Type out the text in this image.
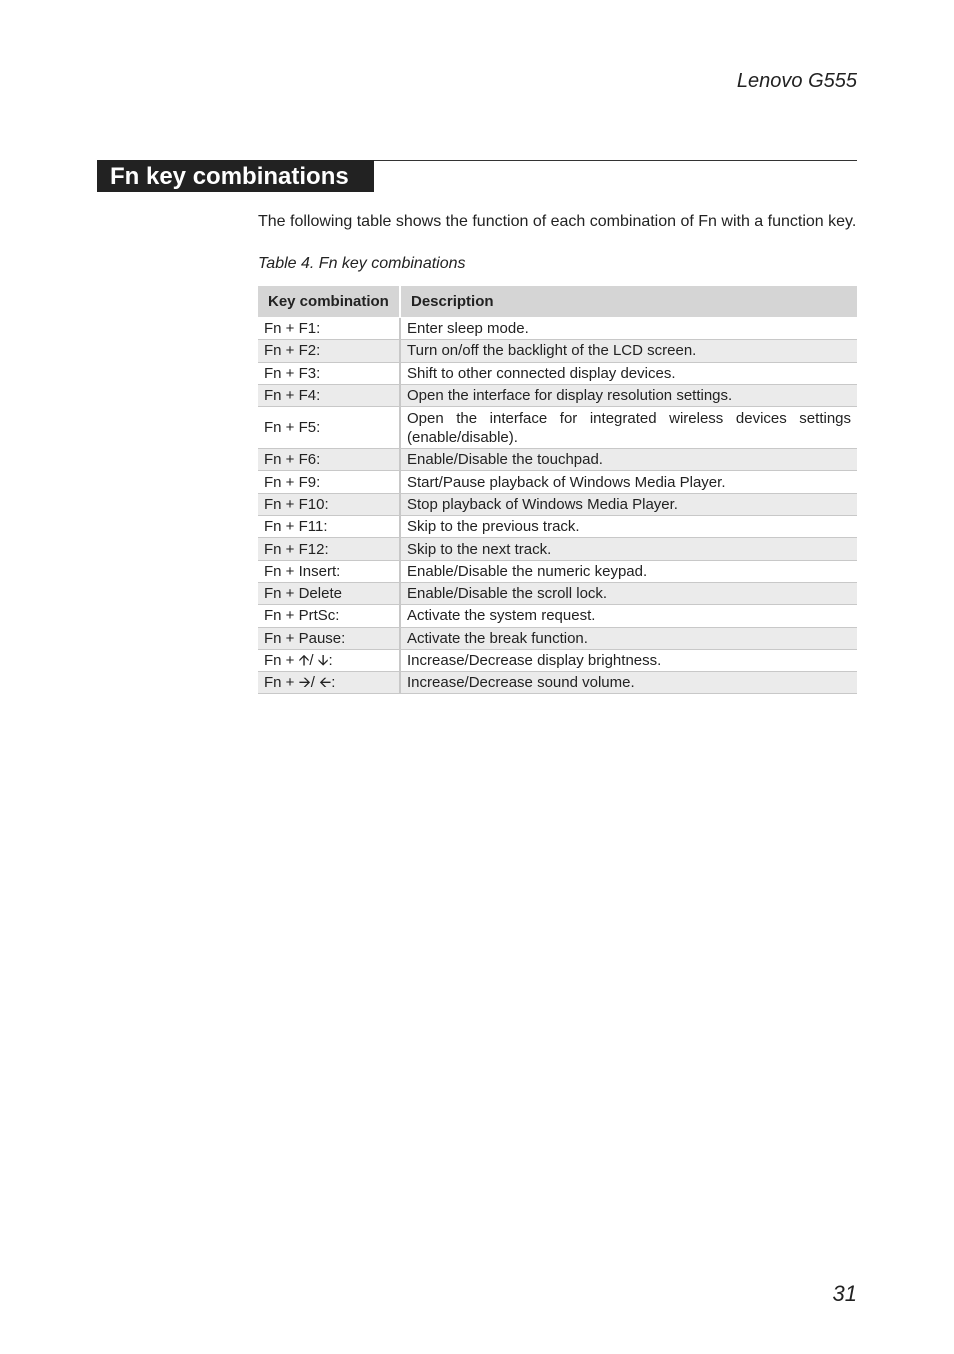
Lenovo G555
Fn key combinations
The following table shows the function of each combination of Fn with a function key.
Table 4. Fn key combinations
Key combination	Description
Fn + F1:	Enter sleep mode.
Fn + F2:	Turn on/off the backlight of the LCD screen.
Fn + F3:	Shift to other connected display devices.
Fn + F4:	Open the interface for display resolution settings.
Fn + F5:	Open the interface for integrated wireless devices settings (enable/disable).
Fn + F6:	Enable/Disable the touchpad.
Fn + F9:	Start/Pause playback of Windows Media Player.
Fn + F10:	Stop playback of Windows Media Player.
Fn + F11:	Skip to the previous track.
Fn + F12:	Skip to the next track.
Fn + Insert:	Enable/Disable the numeric keypad.
Fn + Delete	Enable/Disable the scroll lock.
Fn + PrtSc:	Activate the system request.
Fn + Pause:	Activate the break function.
Fn + 🡩/ 🡫:	Increase/Decrease display brightness.
Fn + 🡪/ 🡨:	Increase/Decrease sound volume.
31
